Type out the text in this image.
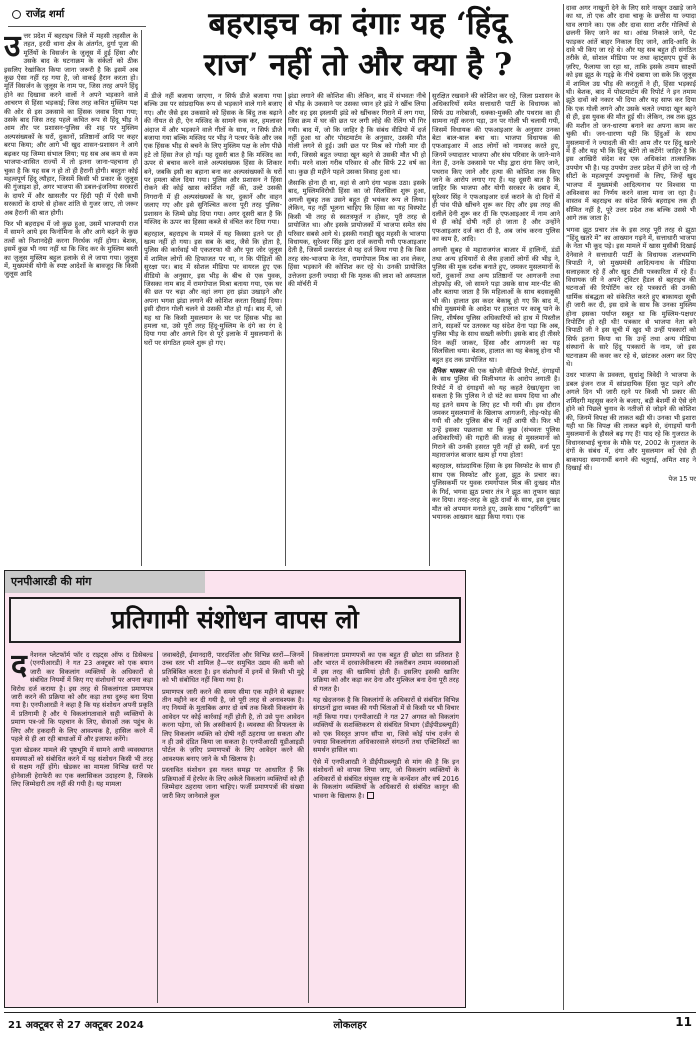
राजेंद्र शर्मा	बहराइच का दंगाः यह ‘हिंदू
राज’ नहीं तो और क्या है ?

उत्तर प्रदेश में बहराइच जिले में महसी तहसील के तहत, हरदी थाना क्षेत्र के अंतर्गत, दुर्गा पूजा की मूर्तियों के विसर्जन के जुलूस में हुई हिंसा और उसके बाद के घटनाक्रम के संकेतों को ठीक इसलिए रेखांकित किया जाना जरूरी है कि इसमें अब कुछ ऐसा नहीं रह गया है, जो वाकई हैरान करता हो। मूर्ति विसर्जन के जुलूस के नाम पर, जिस तरह अपने हिंदू होने का दिखावा करने वालों ने अपने भड़काने वाले आचरण से हिंसा भड़काई; जिस तरह कथित मुस्लिम पक्ष की ओर से इस उकसावे का हिंसक जवाब दिया गया; उसके बाद जिस तरह पहले कथित रूप से हिंदू भीड़ ने आम तौर पर प्रशासन-पुलिस की शह पर मुस्लिम अल्पसंख्यकों के घरों, दुकानों, प्रतिष्ठानों आदि पर कहर बरपा किया; और आगे भी खुद शासन-प्रशासन ने आगे बढ़कर यह जिम्मा संभाल लिया; यह सब अब कम से कम भाजपा-शासित राज्यों में तो इतना जाना-पहचाना हो चुका है कि यह सब न हो तो ही हैरानी होगी। बस्तुतः कोई महत्वपूर्ण हिंदू त्यौहार, जिसमें किसी भी प्रकार के जुलूस की गुंजाइश हो, अगर भाजपा की डबल-इंजनिया सरकारों के दायरे में और खासतौर पर हिंदी पट्टी में ऐसी सभी सरकारों के दायरे से होकर शांति से गुजर जाए, तो जरूर अब हैरानी की बात होगी।

फिर भी बहराइच में जो कुछ हुआ, उसमें भाजपायी राज में सामने आये इस फिनॉमिना के और आगे बढ़ने के कुछ तत्वों को निशानदेही करना निरर्थक नहीं होगा। बेशक, इसमें कुछ भी नया नहीं था कि जिद कर के मुस्लिम बस्ती का जुलूस मुस्लिम बहुल इलाके से ले जाया गया। जुलूस में, मुख्यमंत्री योगी के स्पष्ट आदेशों के बावजूद कि किसी जुलूस आदि

में डीजे नहीं बजाया जाएगा, न सिर्फ डीजे बजाया गया बल्कि उस पर सांप्रदायिक रूप से भड़काने वाले गाने बजाए गए। और जैसे इस उकसावे को हिंसक के बिंदु तक बढ़ाने की नीयत से ही, ऐन मस्जिद के सामने रुक कर, हमलावर अंदाज में और भड़काने वाले गीतों के साथ, न सिर्फ डीजे बजाया गया बल्कि मस्जिद पर भीड़ ने पत्थर फेंके और जब एक हिंसक भीड़ से बचने के लिए मुस्लिम पक्ष के लोग पीछे हटे तो हिंसा तेज हो गई। यह दूसरी बात है कि मस्जिद का ऊपर से बचाव करने वाले अल्पसंख्यक हिंसा के शिकार बने, जबकि इसी का बहाना बना कर अल्पसंख्यकों के घरों पर हमला बोल दिया गया। पुलिस और प्रशासन ने हिंसा रोकने की कोई खास कोशिश नहीं की, उल्टे उसकी निगरानी में ही अल्पसंख्यकों के घर, दुकानें और वाहन जलाए गए और इसे सुनिश्चित करना पूरी तरह पुलिस-प्रशासन के जिम्मे छोड़ दिया गया। अगर दूसरी बात है कि मस्जिद के ऊपर का हिस्सा कब्जे से वंचित कर दिया गया।

बहरहाल, बहराइच के मामले में यह किस्सा इतने पर ही खत्म नहीं हो गया। इस सब के बाद, जैसे कि होता है, पुलिस की कार्रवाई भी एकतरफा थी और पूरा जोर जुलूस में शामिल लोगों की हिफाजत पर था, न कि पीड़ितों की सुरक्षा पर। बाद में सोशल मीडिया पर वायरल हुए एक वीडियो के अनुसार, इस भीड़ के बीच से एक युवक, जिसका नाम बाद में रामगोपाल मिश्रा बताया गया, एक घर की छत पर चढ़ा और वहां लगा हरा झंडा उखाड़ने और अपना भगवा झंडा लगाने की कोशिश करता दिखाई दिया। इसी दौरान गोली चलने से उसकी मौत हो गई। बाद में, जो यह था कि किसी मुसलमान के घर पर हिंसक भीड़ का हमला था, उसे पूरी तरह हिंदू-मुस्लिम के दंगे का रंग दे दिया गया और अगले दिन से पूरे इलाके में मुसलमानों के घरों पर संगठित हमले शुरू हो गए।

झंडा लगाने की कोशिश की। लेकिन, बाद में संभवतः नीचे से भीड़ के उकसाने पर उसका ध्यान हरे झंडे ने खींच लिया और वह इस इस्लामी झंडे को खींचकर गिराने में लग गया, जिस क्रम में घर की छत पर लगी लोहे की रेलिंग भी गिर गयी। बाद में, जो कि जाहिर है कि संबंध वीडियो में दर्ज नहीं हुआ था और पोस्टमार्टम के अनुसार, उसकी मौत गोली लगने से हुई। उसी छत पर मिश्र को गोली मार दी गयी, जिससे बहुत ज्यादा खून बहने से उसकी मौत भी हो गयी। मरने वाला गरीब परिवार से और सिर्फ 22 वर्ष का था। कुछ ही महीने पहले उसका विवाह हुआ था।

जैसाकि होना ही था, वहां से आगे दंगा भड़क उठा। इसके बाद, मुस्लिमविरोधी हिंसा का जो सिलसिला शुरू हुआ, अगली सुबह तक उसने बहुत ही भयंकर रूप ले लिया। लेकिन, यह नहीं भूलना चाहिए कि हिंसा का यह विस्फोट किसी भी तरह से स्वतःस्फूर्त न होकर, पूरी तरह से प्रायोजित था। और इसके प्रायोजकों में भाजपा समेत संघ परिवार सबसे आगे थे। इसकी गवाही खुद महसी के भाजपा विधायक, सुरेश्वर सिंह द्वारा दर्ज करायी गयी एफआइआर देती है, जिसमें प्रकारांतर से यह दर्ज किया गया है कि किस तरह संघ-भाजपा के नेता, रामगोपाल मिश्र का शव लेकर, हिंसा भड़काने की कोशिश कर रहे थे। उनकी प्रायोजित उत्तेजना इतनी ज्यादा थी कि मृतक की लाश को अस्पताल की मॉर्चरी में

सुरक्षित रखवाने की कोशिश कर रहे, जिला प्रशासन के अधिकारियों समेत सत्ताधारी पार्टी के विधायक को सिर्फ उग्र नारेबाजी, धक्का-मुक्की और पथराव का ही सामना नहीं करना पड़ा, उन पर गोली भी चलायी गयी, जिसमें विधायक की एफआइआर के अनुसार उनका बेटा बाल-बाल बचा था। भाजपा विधायक की एफआइआर में आठ लोगों को नामजद करते हुए, जिनमें ज्यादातर भाजपा और संघ परिवार के जाने-माने नेता हैं, उनके उकसावे पर भीड़ द्वारा दंगा किए जाने, पथराव किए जाने और हत्या की कोशिश तक किए जाने के आरोप लगाए गए हैं। यह दूसरी बात है कि जाहिर कि भाजपा और योगी सरकार के दबाव में, सुरेश्वर सिंह ने एफआइआर दर्ज कराने के दो दिनों में ही पांव पीछे खींचने शुरू कर दिए और इस तरह की दलीलें देनी शुरू कर दीं कि एफआइआर में नाम आने से ही कोई दोषी नहीं हो जाता है और उन्होंने एफआइआर दर्ज करा दी है, अब जांच करना पुलिस का काम है, आदि।

अगली सुबह से महाराजगंज बाजार में हालिनों, डंडों तथा अन्य हथियारों से लैस हजारों लोगों की भीड़ ने, पुलिस की मूक दर्शक बनाते हुए, जमकर मुसलमानों के घरों, दुकानों तथा अन्य प्रतिष्ठानों पर आगजनी तथा तोड़फोड़ की, जो सामने पड़ा उसके साथ मार-पीट की और बताया जाता है कि महिलाओं के साथ बदसलूकी भी की। हालात इस कदर बेकाबू हो गए कि बाद में, सीधे मुख्यमंत्री के आदेश पर हालात पर काबू पाने के लिए, शीर्षस्थ पुलिस अधिकारियों को हाथ में पिस्तौल ताने, सड़कों पर उतरकर यह संदेश देना पड़ा कि अब, पुलिस भीड़ के साथ सख्ती करेगी। इसके बाद ही तीसरे दिन कहीं जाकर, हिंसा और आगजनी का यह सिलसिला थमा। बेशक, हालात का यह बेकाबू होना भी बहुत हद तक प्रायोजित था।

दैनिक भास्कर की एक खोजी वीडियो रिपोर्ट, दंगाइयों के साथ पुलिस की मिलीभगत के आरोप लगाती है। रिपोर्ट में दो दंगाइयों को यह कहते देखा/सुना जा सकता है कि पुलिस ने दो घंटे का समय दिया था और यह इतने समय के लिए हट भी गयी थी। इस दौरान जमकर मुसलमानों के खिलाफ आगजनी, तोड़-फोड़ की गयी थी और पुलिस बीच में नहीं आयी थी। फिर भी उन्हें इसका पछतावा था कि कुछ (संभवतः पुलिस अधिकारियों) की गद्दारी की वजह से मुसलमानों को गिराने की उनकी हसरत पूरी नहीं हो सकी, वर्ना पूरा महाराजगंज बाजार खत्म हो गया होता!

बहरहाल, सांप्रदायिक हिंसा के इस विस्फोट के साथ ही साथ एक विस्फोट और हुआ, झूठ के प्रचार का। पुलिसकर्मी पर युवक रामगोपाल मिश्र की दुःखद मौत के गिर्द, भगवा झूठ प्रचार तंत्र ने झूठ का तूफान खड़ा कर दिया। तरह-तरह के झूठे दावों के साथ, इस दुःखद मौत को अपमान मनाते हुए, उसके साथ “दरिंदगी” का भयानक आख्यान खड़ा किया गया। एक

दावा अगर नाखूनों देने के लिए सारे नाखून उखाड़े जाने का था, तो एक और दावा चाकू के छत्तीस या ज्यादा घाव लगाने का। एक और दावा सारा शरीर गोलियों से छलनी किए जाने का था। आंख निकाले जाने, पेट फाड़कर आंतें बाहर निकाल दिए जाने, आदि-आदि के दावे भी किए जा रहे थे। और यह सब बहुत ही संगठित तरीके से, सोशल मीडिया पर तथा व्हाट्सएप ग्रुपों के ज़रिए, फैलाया जा रहा था, ताकि इसके तमाम साक्ष्यों को इस झूठ के गड्ढ़े के नीचे दबाया जा सके कि जुलूस में शामिल उग्र भीड़ की करतूतों ने ही, हिंसा भड़काई थी। बेशक, बाद में पोस्टमार्टम की रिपोर्ट ने इन तमाम झूठे दावों को नकार भी दिया और यह साफ कर दिया कि एक गोली लगने और उसके चलते ज्यादा खून बहने से ही, इस युवक की मौत हुई थी। लेकिन, तब तक झूठ की मशीन तो जन-धारणा बनाने का अपना काम कर चुकी थी। जन-धारणा यही कि हिंदुओं के साथ मुसलमानों ने ज्यादती की थी! आम तौर पर हिंदू खतरे में हैं और यह भी कि हिंदू बंटेंगे तो कटेंगे! जाहिर है कि इस आखिरी संदेश का एक अधिकांश तात्कालिक उपयोग भी है। यह उपयोग उत्तर प्रदेश में होने जा रहे नौ सीटों के महत्वपूर्ण उपचुनावों के लिए, जिन्हें खुद भाजपा में मुख्यमंत्री आदित्यनाथ पर विश्वास या अविश्वास का निर्णय करने वाला माना जा रहा है। वास्तव में बहराइच का संदेश सिर्फ बहराइच तक ही सीमित नहीं है, पूरे उत्तर प्रदेश तक बल्कि उससे भी आगे तक जाता है।

भगवा झूठ प्रचार तंत्र के इस तरह पूरी तरह से झूठा “हिंदू खतरे में” का आख्यान गढ़ने में, सत्ताधारी भाजपा के नेता भी कूद पड़े। इस मामले में खास मुसीबी दिखाई देनेवाले ने सत्ताधारी पार्टी के विधायक शलभमणि त्रिपाठी ने, जो मुख्यमंत्री आदित्यनाथ के मीडिया सलाहकार रहे हैं और खुद टीवी पत्रकारिता में रहे हैं। विधायक जी ने अपने ट्विटर हैंडल से बहराइच की घटनाओं की रिपोर्टिंग कर रहे पत्रकारों की उनकी धार्मिक संबद्धता को संकेतित करते हुए बाकायदा सूची ही जारी कर दी, इस दावे के साथ कि उनका मुस्लिम होना इसका पर्याप्त सबूत था कि मुस्लिम-पक्षधर रिपोर्टिंग हो रही थी! पत्रकार से भाजपा नेता बने त्रिपाठी जी ने इस सूची में खुद भी उन्हीं पत्रकारों को सिर्फ इतना किया था कि उन्हें तथा अन्य मीडिया संस्थानों के सारे हिंदू पत्रकारों के नाम, जो इस घटनाक्रम की कवर कर रहे थे, छांटकर अलग कर दिए थे।

उधर भाजपा के प्रवक्ता, सुधांशु त्रिवेदी ने भाजपा के डबल इंजन राज में सांप्रदायिक हिंसा फूट पड़ने और अगले दिन भी जारी रहने पर किसी भी प्रकार की शर्मिंदगी महसूस करने के बजाए, बड़ी बेशर्मी से ऐसे दंगे होने को पिछले चुनाव के नतीजों से जोड़ने की कोशिश की, जिनमें विपक्ष की ताकत बढ़ी थी। उनका भी इशारा यही था कि विपक्ष की ताकत बढ़ने से, दंगाइयों यानी मुसलमानों के हौसले बढ़ गए हैं! याद रहे कि गुजरात के विधानसभाई चुनाव के मौके पर, 2002 के गुजरात के दंगों के संबंध में, दंगा और मुसलमान को ऐसे ही बाकायदा समानार्थी बनाने की चतुराई, अमित शाह ने दिखाई थी।

पेज 15 पर

एनपीआरडी की मांग
प्रतिगामी संशोधन वापस लो

दनेशनल प्लेटफॉर्म फॉर द राइट्स ऑफ द डिसेबल्ड (एनपीआरडी) ने गत 23 अक्टूबर को एक बयान जारी कर विकलांग व्यक्तियों के अधिकारों से संबंधित नियमों में किए गए संशोधनों पर अपना कड़ा विरोध दर्ज कराया है। इस तरह से विकलांगता प्रमाणपत्र जारी करने की प्रक्रिया को और कड़ा तथा दुरूह बना दिया गया है। एनपीआरडी ने कहा है कि यह संशोधन अपनी प्रकृति में प्रतिगामी है और ये विकलांगतावाले सही व्यक्तियों के प्रमाण पत्र-जो कि पहचान के लिए, सेवाओं तक पहुंच के लिए और हकदारी के लिए आवश्यक है, हासिल करने में पहले से ही आ रही बाधाओं में और इजाफा करेंगे।

पूजा खेडकर मामले की पृष्ठभूमि में सामने आयी व्यवस्थागत समस्याओं को संबोधित करने में यह संशोधन किसी भी तरह से सक्षम नहीं होंगे। खेडकर का मामला विभिन्न स्तरों पर होनेवाली हेराफेरी का एक क्लासिकल उदाहरण है, जिसके लिए जिम्मेदारी तय नहीं की गयी है। यह मामला

जवाबदेही, ईमानदारी, पारदर्शिता और विभिन्न स्तरों—जिनमें उच्च स्तर भी शामिल है—पर समुचित उद्यम की कमी को प्रतिबिंबित करता है। इन संशोधनों में इनमें से किसी भी मुद्दे को भी संबोधित नहीं किया गया है।

प्रमाणपत्र जारी करने की समय सीमा एक महीने से बढ़ाकर तीन महीने कर दी गयी है, जो पूरी तरह से अनावश्यक है। नए नियमों के मुताबिक अगर दो वर्ष तक किसी विकलांग के आवेदन पर कोई कार्रवाई नहीं होती है, तो उसे पुनः आवेदन करना पड़ेगा, जो कि अस्वीकार्य है। व्यवस्था की विफलता के लिए विकलांग व्यक्ति को दोषी नहीं ठहराया जा सकता और न ही उसे दंडित किया जा सकता है। एनपीआरडी यूडीआइडी पोर्टल के ज़रिए प्रमाणपत्रों के लिए आवेदन करने की आवश्यक बनाए जाने के भी खिलाफ है।

प्रस्तावित संशोधन इस गलत समझ पर आधारित हैं कि प्रक्रियाओं में हेरफेर के लिए अकेले विकलांग व्यक्तियों को ही जिम्मेदार ठहराया जाना चाहिए। फर्जी प्रमाणपत्रों की संख्या जारी किए जानेवाले कुल

विकलांगता प्रमाणपत्रों का एक बहुत ही छोटा सा प्रतिशत है और भारत में दरवाजेवीकरण की तकरीबन तमाम व्यवस्थाओं में इस तरह की खामियां होती हैं। इसलिए इसकी खातिर प्रक्रिया को और कड़ा कर देना और मुश्किल बना देना पूरी तरह से गलत है।

यह खेदजनक है कि विकलांगों के अधिकारों से संबंधित विभिन्न संगठनों द्वारा व्यक्त की गयी चिंताओं में से किसी पर भी विचार नहीं किया गया। एनपीआरडी ने गत 27 अगस्त को विकलांग व्यक्तियों के सशक्तिकरण से संबंधित विभाग (डीईपीडब्ल्यूडी) को एक विस्तृत ज्ञापन सौंपा था, जिसे कोई पांच दर्जन से ज्यादा विकलांगता अधिकारवाले संगठनों तथा एक्टिविस्टों का समर्थन हासिल था।

ऐसे में एनपीआरडी ने डीईपीडब्ल्यूडी से मांग की है कि इन संशोधनों को वापस लिया जाए, जो विकलांग व्यक्तियों के अधिकारों से संबंधित संयुक्त राष्ट्र के कन्वेंशन और वर्ष 2016 के विकलांग व्यक्तियों के अधिकारों से संबंधित कानून की भावना के खिलाफ है।

21 अक्टूबर से 27 अक्टूबर 2024	लोकलहर	11
